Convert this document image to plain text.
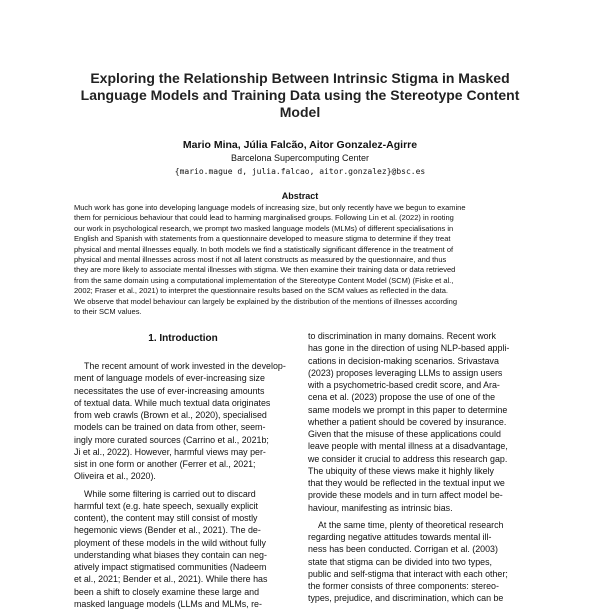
Exploring the Relationship Between Intrinsic Stigma in Masked
Language Models and Training Data using the Stereotype Content
Model
Mario Mina, Júlia Falcão, Aitor Gonzalez-Agirre
Barcelona Supercomputing Center
{mario.mague d, julia.falcao, aitor.gonzalez}@bsc.es
Abstract
Much work has gone into developing language models of increasing size, but only recently have we begun to examine
them for pernicious behaviour that could lead to harming marginalised groups. Following Lin et al. (2022) in rooting
our work in psychological research, we prompt two masked language models (MLMs) of different specialisations in
English and Spanish with statements from a questionnaire developed to measure stigma to determine if they treat
physical and mental illnesses equally. In both models we find a statistically significant difference in the treatment of
physical and mental illnesses across most if not all latent constructs as measured by the questionnaire, and thus
they are more likely to associate mental illnesses with stigma. We then examine their training data or data retrieved
from the same domain using a computational implementation of the Stereotype Content Model (SCM) (Fiske et al.,
2002; Fraser et al., 2021) to interpret the questionnaire results based on the SCM values as reflected in the data.
We observe that model behaviour can largely be explained by the distribution of the mentions of illnesses according
to their SCM values.
1. Introduction
The recent amount of work invested in the develop-
ment of language models of ever-increasing size
necessitates the use of ever-increasing amounts
of textual data. While much textual data originates
from web crawls (Brown et al., 2020), specialised
models can be trained on data from other, seem-
ingly more curated sources (Carrino et al., 2021b;
Ji et al., 2022). However, harmful views may per-
sist in one form or another (Ferrer et al., 2021;
Oliveira et al., 2020).
While some filtering is carried out to discard
harmful text (e.g. hate speech, sexually explicit
content), the content may still consist of mostly
hegemonic views (Bender et al., 2021). The de-
ployment of these models in the wild without fully
understanding what biases they contain can neg-
atively impact stigmatised communities (Nadeem
et al., 2021; Bender et al., 2021). While there has
been a shift to closely examine these large and
masked language models (LLMs and MLMs, re-
to discrimination in many domains. Recent work
has gone in the direction of using NLP-based appli-
cations in decision-making scenarios. Srivastava
(2023) proposes leveraging LLMs to assign users
with a psychometric-based credit score, and Ara-
cena et al. (2023) propose the use of one of the
same models we prompt in this paper to determine
whether a patient should be covered by insurance.
Given that the misuse of these applications could
leave people with mental illness at a disadvantage,
we consider it crucial to address this research gap.
The ubiquity of these views make it highly likely
that they would be reflected in the textual input we
provide these models and in turn affect model be-
haviour, manifesting as intrinsic bias.
At the same time, plenty of theoretical research
regarding negative attitudes towards mental ill-
ness has been conducted. Corrigan et al. (2003)
state that stigma can be divided into two types,
public and self-stigma that interact with each other;
the former consists of three components: stereo-
types, prejudice, and discrimination, which can be
